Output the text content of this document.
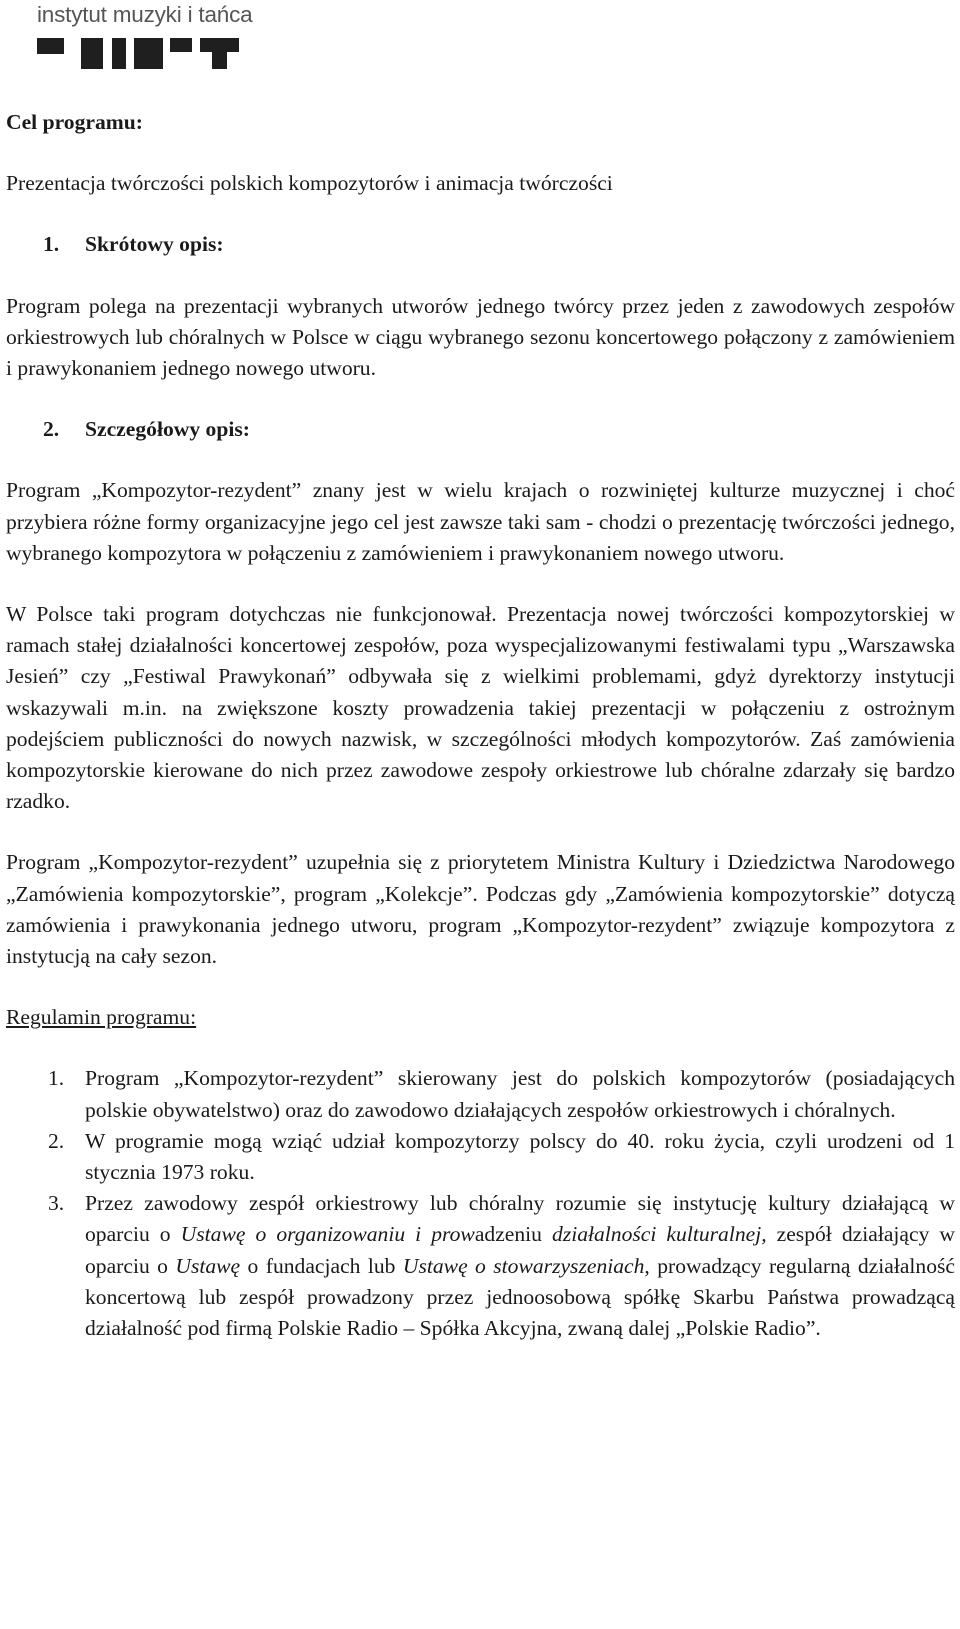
instytut muzyki i tańca
Cel programu:

Prezentacja twórczości polskich kompozytorów i animacja twórczości

1. Skrótowy opis:

Program polega na prezentacji wybranych utworów jednego twórcy przez jeden z zawodowych zespołów orkiestrowych lub chóralnych w Polsce w ciągu wybranego sezonu koncertowego połączony z zamówieniem i prawykonaniem jednego nowego utworu.

2. Szczegółowy opis:

Program „Kompozytor-rezydent” znany jest w wielu krajach o rozwiniętej kulturze muzycznej i choć przybiera różne formy organizacyjne jego cel jest zawsze taki sam - chodzi o prezentację twórczości jednego, wybranego kompozytora w połączeniu z zamówieniem i prawykonaniem nowego utworu.

W Polsce taki program dotychczas nie funkcjonował. Prezentacja nowej twórczości kompozytorskiej w ramach stałej działalności koncertowej zespołów, poza wyspecjalizowanymi festiwalami typu „Warszawska Jesień” czy „Festiwal Prawykonań” odbywała się z wielkimi problemami, gdyż dyrektorzy instytucji wskazywali m.in. na zwiększone koszty prowadzenia takiej prezentacji w połączeniu z ostrożnym podejściem publiczności do nowych nazwisk, w szczególności młodych kompozytorów. Zaś zamówienia kompozytorskie kierowane do nich przez zawodowe zespoły orkiestrowe lub chóralne zdarzały się bardzo rzadko.

Program „Kompozytor-rezydent” uzupełnia się z priorytetem Ministra Kultury i Dziedzictwa Narodowego „Zamówienia kompozytorskie”, program „Kolekcje”. Podczas gdy „Zamówienia kompozytorskie” dotyczą zamówienia i prawykonania jednego utworu, program „Kompozytor-rezydent” związuje kompozytora z instytucją na cały sezon.

Regulamin programu:

1. Program „Kompozytor-rezydent” skierowany jest do polskich kompozytorów (posiadających polskie obywatelstwo) oraz do zawodowo działających zespołów orkiestrowych i chóralnych.
2. W programie mogą wziąć udział kompozytorzy polscy do 40. roku życia, czyli urodzeni od 1 stycznia 1973 roku.
3. Przez zawodowy zespół orkiestrowy lub chóralny rozumie się instytucję kultury działającą w oparciu o Ustawę o organizowaniu i prowadzeniu działalności kulturalnej, zespół działający w oparciu o Ustawę o fundacjach lub Ustawę o stowarzyszeniach, prowadzący regularną działalność koncertową lub zespół prowadzony przez jednoosobową spółkę Skarbu Państwa prowadzącą działalność pod firmą Polskie Radio – Spółka Akcyjna, zwaną dalej „Polskie Radio”.
